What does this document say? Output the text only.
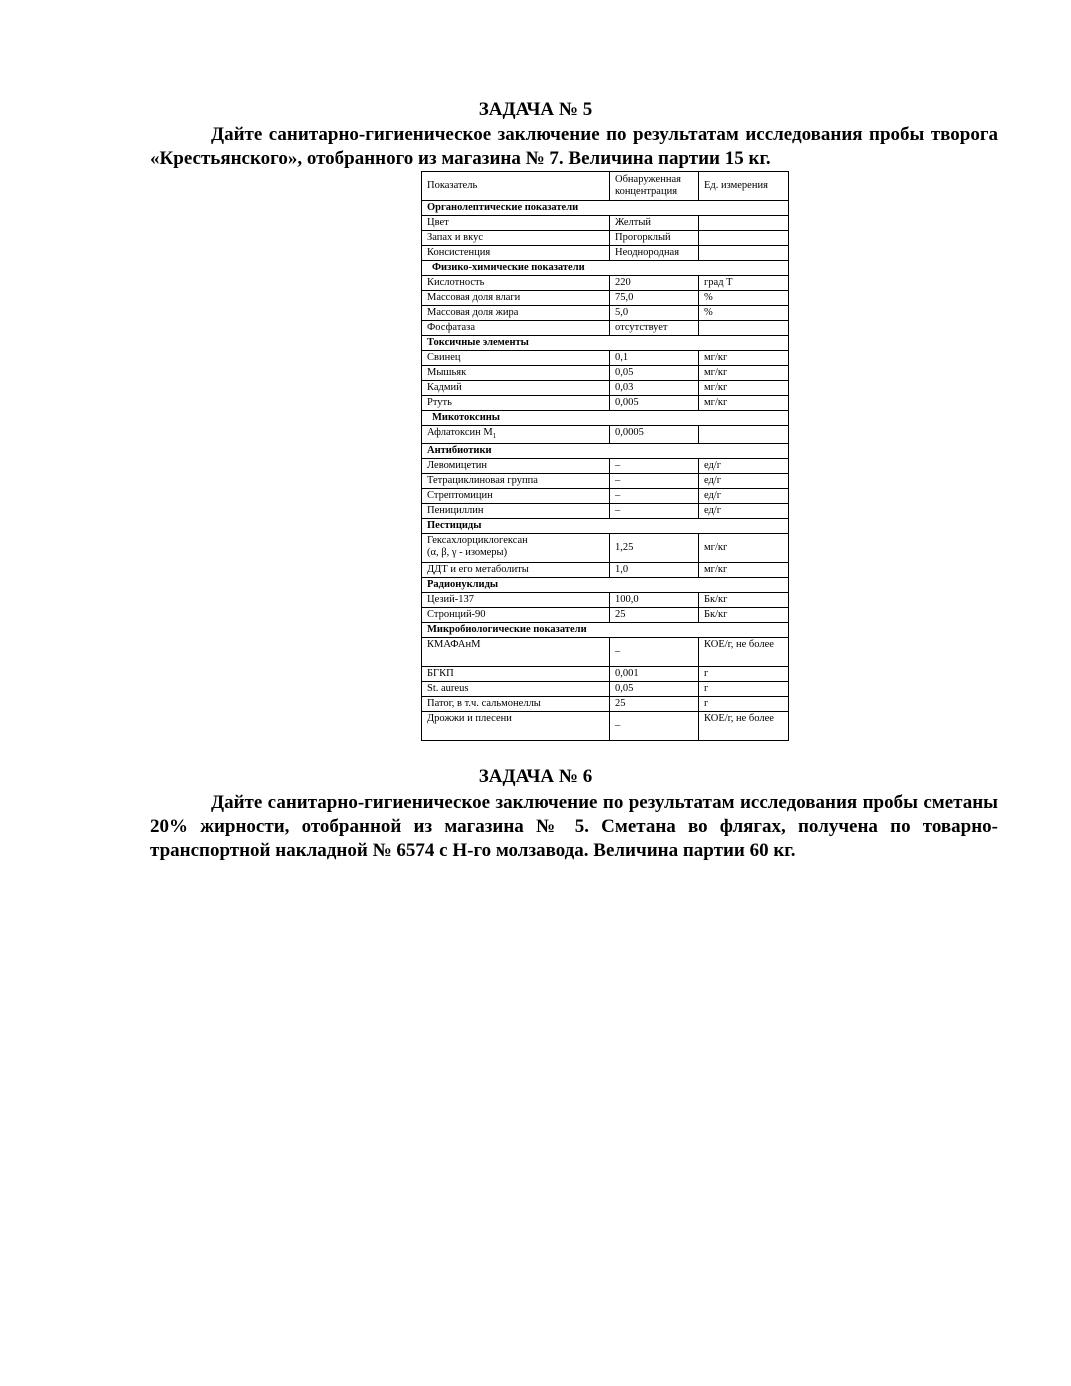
ЗАДАЧА № 5

Дайте санитарно-гигиеническое заключение по результатам исследования пробы творога «Крестьянского», отобранного из магазина № 7. Величина партии 15 кг.

Показатель	Обнаруженная концентрация	Ед. измерения
Органолептические показатели		
Цвет	Желтый	
Запах и вкус	Прогорклый	
Консистенция	Неоднородная	
Физико-химические показатели		
Кислотность	220	град Т
Массовая доля влаги	75,0	%
Массовая доля жира	5,0	%
Фосфатаза	отсутствует	
Токсичные элементы		
Свинец	0,1	мг/кг
Мышьяк	0,05	мг/кг
Кадмий	0,03	мг/кг
Ртуть	0,005	мг/кг
Микотоксины		
Афлатоксин $М_1$	0,0005	
Антибиотики		
Левомицетин	–	ед/г
Тетрациклиновая группа	–	ед/г
Стрептомицин	–	ед/г
Пенициллин	–	ед/г
Пестициды		

Гексахлорциклогексан
(α, β, γ - изомеры)	1,25	мг/кг
ДДТ и его метаболиты	1,0	мг/кг
Радионуклиды		
Цезий-137	100,0	Бк/кг
Стронций-90	25	Бк/кг
Микробиологические показатели		
КМАФАнМ	–	КОЕ/г, не более
БГКП	0,001	г
St. aureus	0,05	г
Патог, в т.ч. сальмонеллы	25	г
Дрожжи и плесени	–	КОЕ/г, не более
ЗАДАЧА № 6

Дайте санитарно-гигиеническое заключение по результатам исследования пробы сметаны 20% жирности, отобранной из магазина № 5. Сметана во флягах, получена по товарно-транспортной накладной № 6574 с Н-го молзавода. Величина партии 60 кг.
